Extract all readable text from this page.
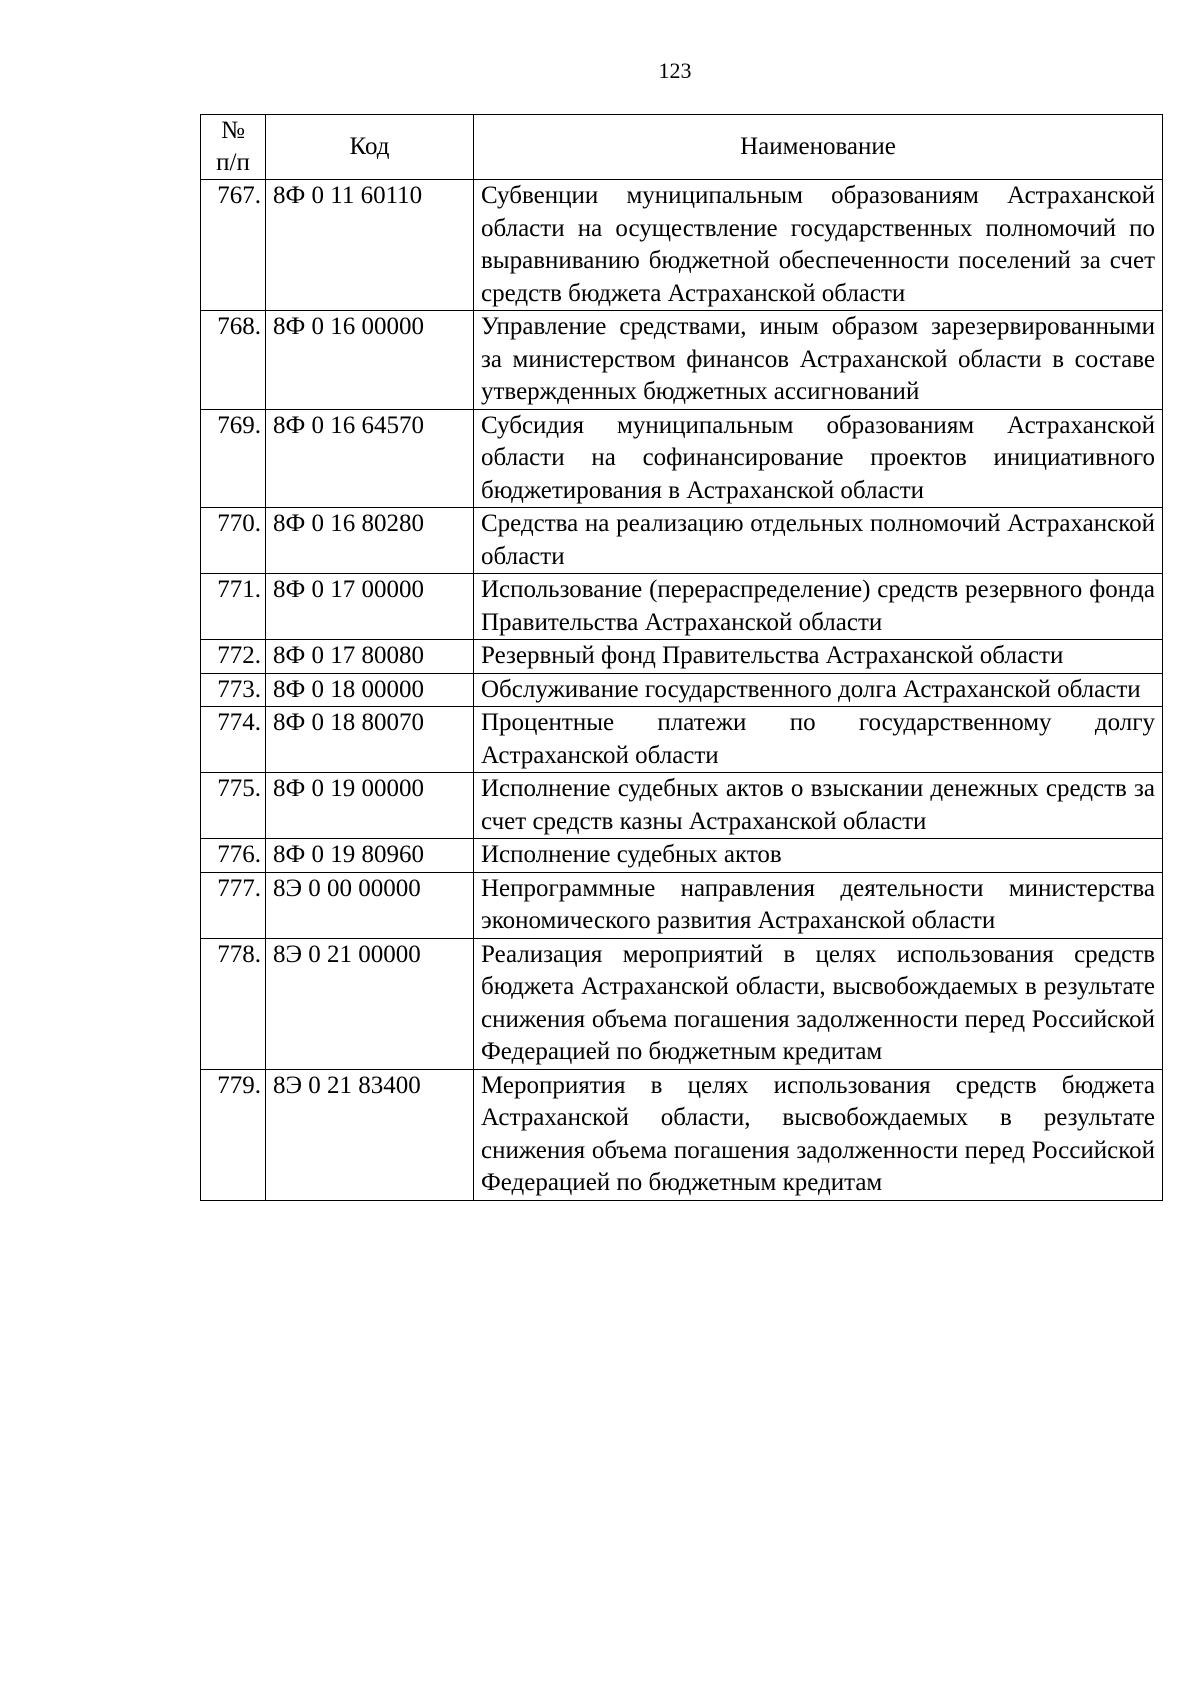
123
№
п/п	Код	Наименование
767.	8Ф 0 11 60110	Субвенции муниципальным образованиям Астраханской области на осуществление государственных полномочий по выравниванию бюджетной обеспеченности поселений за счет средств бюджета Астраханской области
768.	8Ф 0 16 00000	Управление средствами, иным образом зарезервированными за министерством финансов Астраханской области в составе утвержденных бюджетных ассигнований
769.	8Ф 0 16 64570	Субсидия муниципальным образованиям Астраханской области на софинансирование проектов инициативного бюджетирования в Астраханской области
770.	8Ф 0 16 80280	Средства на реализацию отдельных полномочий Астраханской области
771.	8Ф 0 17 00000	Использование (перераспределение) средств резервного фонда Правительства Астраханской области
772.	8Ф 0 17 80080	Резервный фонд Правительства Астраханской области
773.	8Ф 0 18 00000	Обслуживание государственного долга Астраханской области
774.	8Ф 0 18 80070	Процентные платежи по государственному долгу Астраханской области
775.	8Ф 0 19 00000	Исполнение судебных актов о взыскании денежных средств за счет средств казны Астраханской области
776.	8Ф 0 19 80960	Исполнение судебных актов
777.	8Э 0 00 00000	Непрограммные направления деятельности министерства экономического развития Астраханской области
778.	8Э 0 21 00000	Реализация мероприятий в целях использования средств бюджета Астраханской области, высвобождаемых в результате снижения объема погашения задолженности перед Российской Федерацией по бюджетным кредитам
779.	8Э 0 21 83400	Мероприятия в целях использования средств бюджета Астраханской области, высвобождаемых в результате снижения объема погашения задолженности перед Российской Федерацией по бюджетным кредитам
